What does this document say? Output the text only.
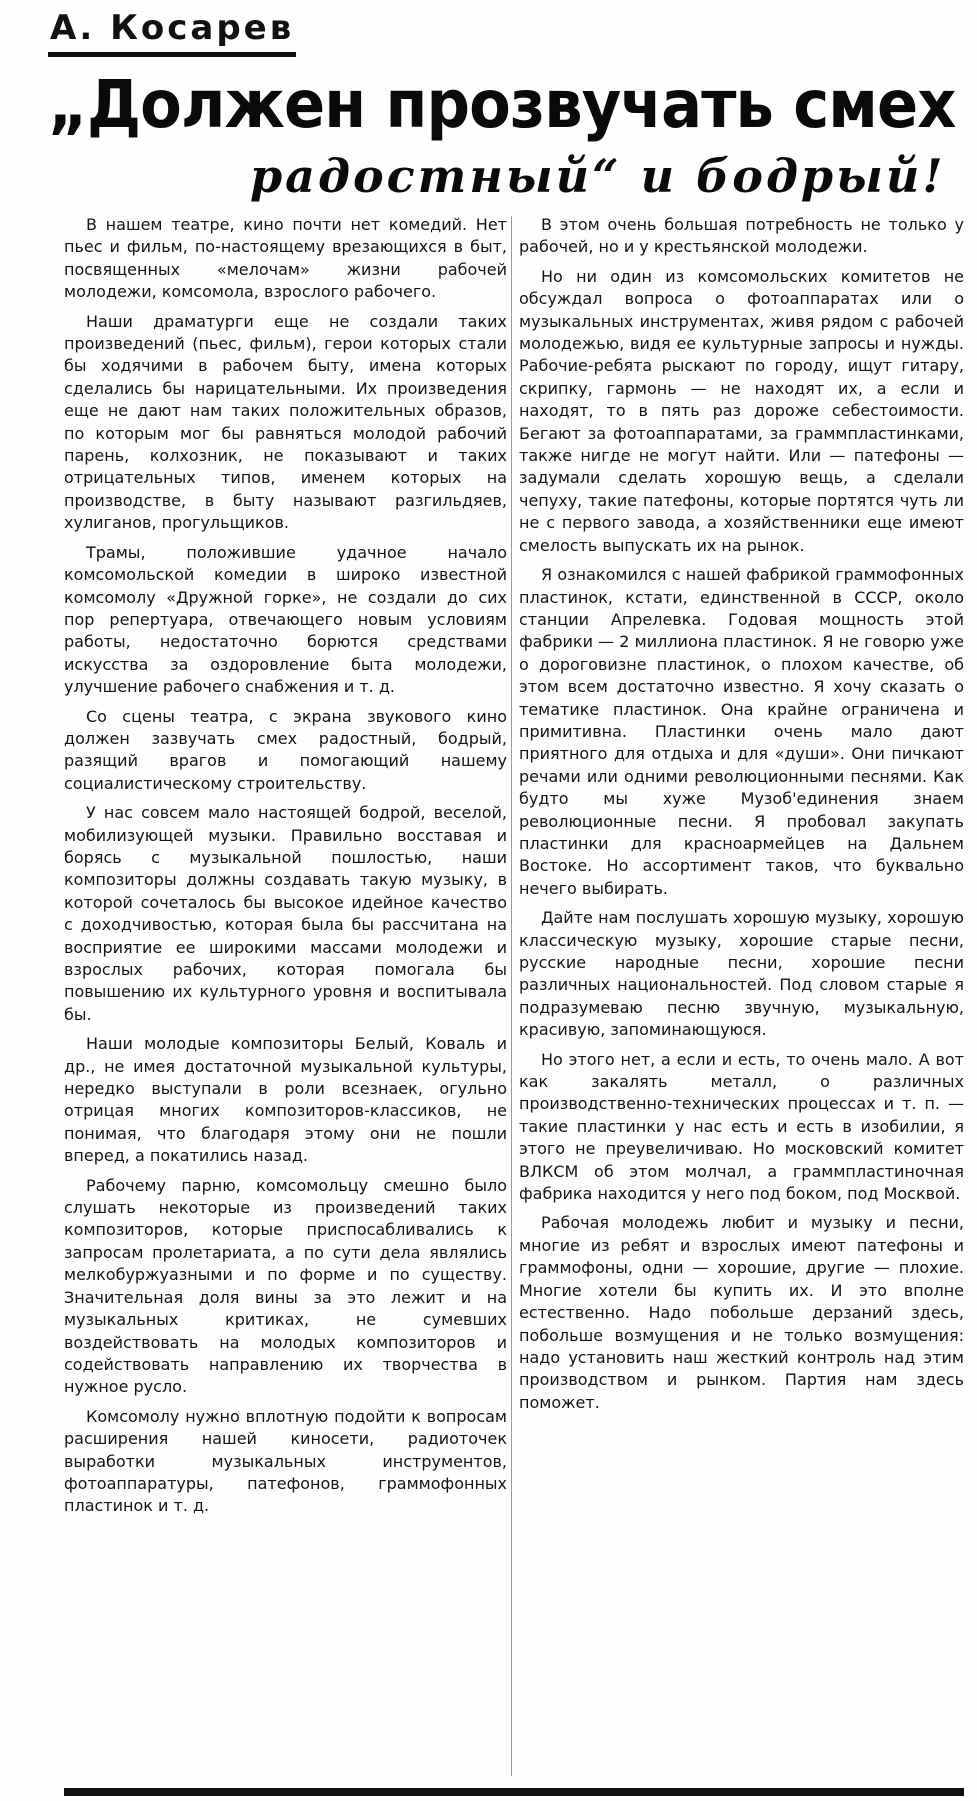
А. Косарев
„Должен прозвучать смех
радостный“ и бодрый!

В нашем театре, кино почти нет комедий. Нет пьес и фильм, по-настоящему врезающихся в быт, посвященных «мелочам» жизни рабочей молодежи, комсомола, взрослого рабочего.

Наши драматурги еще не создали таких произведений (пьес, фильм), герои которых стали бы ходячими в рабочем быту, имена которых сделались бы нарицательными. Их произведения еще не дают нам таких положительных образов, по которым мог бы равняться молодой рабочий парень, колхозник, не показывают и таких отрицательных типов, именем которых на производстве, в быту называют разгильдяев, хулиганов, прогульщиков.

Трамы, положившие удачное начало комсомольской комедии в широко известной комсомолу «Дружной горке», не создали до сих пор репертуара, отвечающего новым условиям работы, недостаточно борются средствами искусства за оздоровление быта молодежи, улучшение рабочего снабжения и т. д.

Со сцены театра, с экрана звукового кино должен зазвучать смех радостный, бодрый, разящий врагов и помогающий нашему социалистическому строительству.

У нас совсем мало настоящей бодрой, веселой, мобилизующей музыки. Правильно восставая и борясь с музыкальной пошлостью, наши композиторы должны создавать такую музыку, в которой сочеталось бы высокое идейное качество с доходчивостью, которая была бы рассчитана на восприятие ее широкими массами молодежи и взрослых рабочих, которая помогала бы повышению их культурного уровня и воспитывала бы.

Наши молодые композиторы Белый, Коваль и др., не имея достаточной музыкальной культуры, нередко выступали в роли всезнаек, огульно отрицая многих композиторов-классиков, не понимая, что благодаря этому они не пошли вперед, а покатились назад.

Рабочему парню, комсомольцу смешно было слушать некоторые из произведений таких композиторов, которые приспосабливались к запросам пролетариата, а по сути дела являлись мелкобуржуазными и по форме и по существу. Значительная доля вины за это лежит и на музыкальных критиках, не сумевших воздействовать на молодых композиторов и содействовать направлению их творчества в нужное русло.

Комсомолу нужно вплотную подойти к вопросам расширения нашей киносети, радиоточек выработки музыкальных инструментов, фотоаппаратуры, патефонов, граммофонных пластинок и т. д.

В этом очень большая потребность не только у рабочей, но и у крестьянской молодежи.

Но ни один из комсомольских комитетов не обсуждал вопроса о фотоаппаратах или о музыкальных инструментах, живя рядом с рабочей молодежью, видя ее культурные запросы и нужды. Рабочие-ребята рыскают по городу, ищут гитару, скрипку, гармонь — не находят их, а если и находят, то в пять раз дороже себестоимости. Бегают за фотоаппаратами, за граммпластинками, также нигде не могут найти. Или — патефоны — задумали сделать хорошую вещь, а сделали чепуху, такие патефоны, которые портятся чуть ли не с первого завода, а хозяйственники еще имеют смелость выпускать их на рынок.

Я ознакомился с нашей фабрикой граммофонных пластинок, кстати, единственной в СССР, около станции Апрелевка. Годовая мощность этой фабрики — 2 миллиона пластинок. Я не говорю уже о дороговизне пластинок, о плохом качестве, об этом всем достаточно известно. Я хочу сказать о тематике пластинок. Она крайне ограничена и примитивна. Пластинки очень мало дают приятного для отдыха и для «души». Они пичкают речами или одними революционными песнями. Как будто мы хуже Музоб'единения знаем революционные песни. Я пробовал закупать пластинки для красноармейцев на Дальнем Востоке. Но ассортимент таков, что буквально нечего выбирать.

Дайте нам послушать хорошую музыку, хорошую классическую музыку, хорошие старые песни, русские народные песни, хорошие песни различных национальностей. Под словом старые я подразумеваю песню звучную, музыкальную, красивую, запоминающуюся.

Но этого нет, а если и есть, то очень мало. А вот как закалять металл, о различных производственно-технических процессах и т. п. — такие пластинки у нас есть и есть в изобилии, я этого не преувеличиваю. Но московский комитет ВЛКСМ об этом молчал, а граммпластиночная фабрика находится у него под боком, под Москвой.

Рабочая молодежь любит и музыку и песни, многие из ребят и взрослых имеют патефоны и граммофоны, одни — хорошие, другие — плохие. Многие хотели бы купить их. И это вполне естественно. Надо побольше дерзаний здесь, побольше возмущения и не только возмущения: надо установить наш жесткий контроль над этим производством и рынком. Партия нам здесь поможет.
